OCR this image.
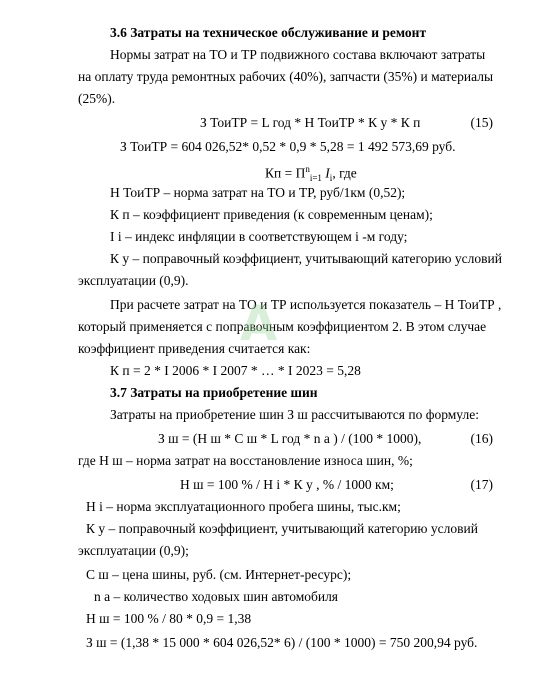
3.6 Затраты на техническое обслуживание и ремонт
Нормы затрат на ТО и ТР подвижного состава включают затраты
на оплату труда ремонтных рабочих (40%), запчасти (35%) и материалы
(25%).
З ТоиТР = L год * Н ТоиТР * К у * К п	(15)
З ТоиТР = 604 026,52* 0,52 * 0,9 * 5,28 = 1 492 573,69 руб.
Кп = $\Pi^n_{i=1}$ $I_i$, где
Н ТоиТР – норма затрат на ТО и ТР, руб/1км (0,52);
К п – коэффициент приведения (к современным ценам);
I i – индекс инфляции в соответствующем i -м году;
К у – поправочный коэффициент, учитывающий категорию условий
эксплуатации (0,9).
При расчете затрат на ТО и ТР используется показатель – Н ТоиТР ,
который применяется с поправочным коэффициентом 2. В этом случае
коэффициент приведения считается как:
К п = 2 * I 2006 * I 2007 * … * I 2023 = 5,28
3.7 Затраты на приобретение шин
Затраты на приобретение шин З ш рассчитываются по формуле:
З ш = (Н ш * С ш * L год * n а ) / (100 * 1000),	(16)
где Н ш – норма затрат на восстановление износа шин, %;
Н ш = 100 % / Н i * К у , % / 1000 км;	(17)
Н i – норма эксплуатационного пробега шины, тыс.км;
К у – поправочный коэффициент, учитывающий категорию условий
эксплуатации (0,9);
С ш – цена шины, руб. (см. Интернет-ресурс);
n а – количество ходовых шин автомобиля
Н ш = 100 % / 80 * 0,9 = 1,38
З ш = (1,38 * 15 000 * 604 026,52* 6) / (100 * 1000) = 750 200,94 руб.
А
